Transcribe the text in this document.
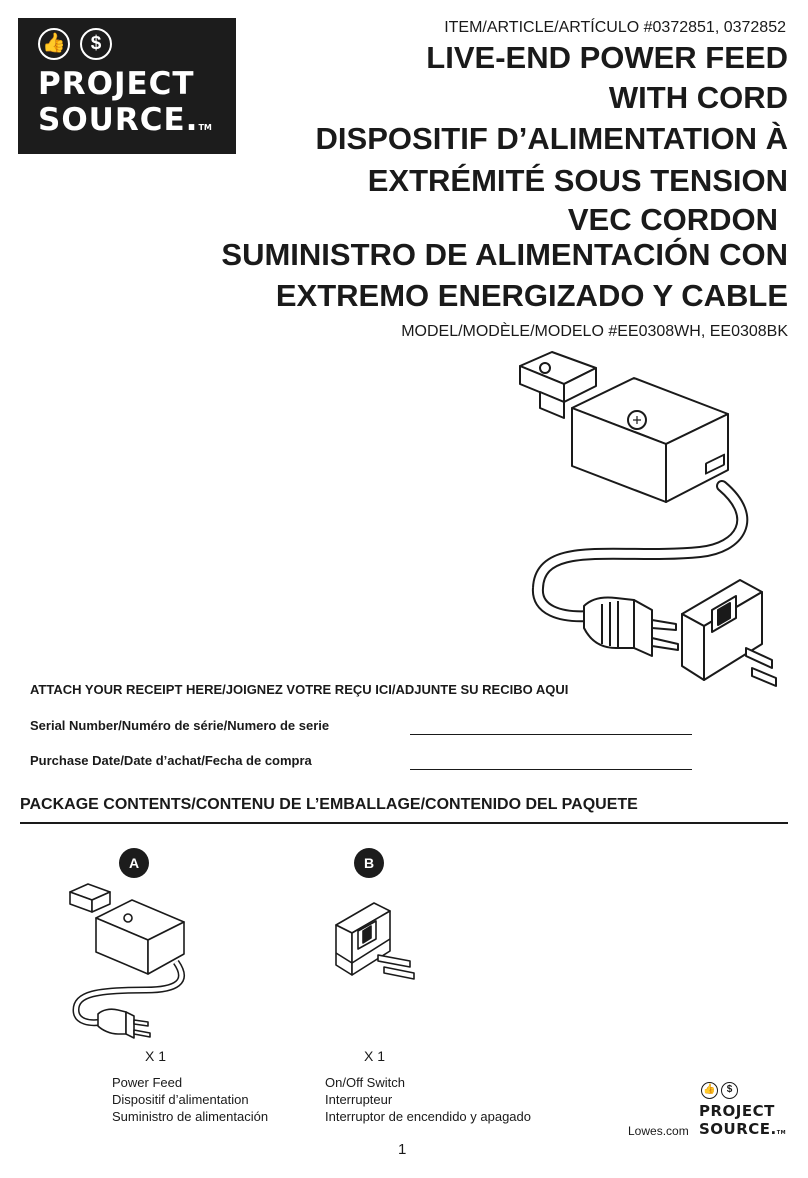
👍	$
PROJECT
SOURCE.TM
ITEM/ARTICLE/ARTÍCULO #0372851, 0372852
LIVE-END POWER FEED
WITH CORD
DISPOSITIF D’ALIMENTATION À
EXTRÉMITÉ SOUS TENSION
VEC CORDON
SUMINISTRO DE ALIMENTACIÓN CON
EXTREMO ENERGIZADO Y CABLE
MODEL/MODÈLE/MODELO #EE0308WH, EE0308BK
ATTACH YOUR RECEIPT HERE/JOIGNEZ VOTRE REÇU ICI/ADJUNTE SU RECIBO AQUI
Serial Number/Numéro de série/Numero de serie
Purchase Date/Date d’achat/Fecha de compra
PACKAGE CONTENTS/CONTENU DE L’EMBALLAGE/CONTENIDO DEL PAQUETE
A	B
X 1	X 1
Power Feed
Dispositif d’alimentation
Suministro de alimentación
On/Off Switch
Interrupteur
Interruptor de encendido y apagado
👍	$
PROJECT
SOURCE.TM
Lowes.com
1
